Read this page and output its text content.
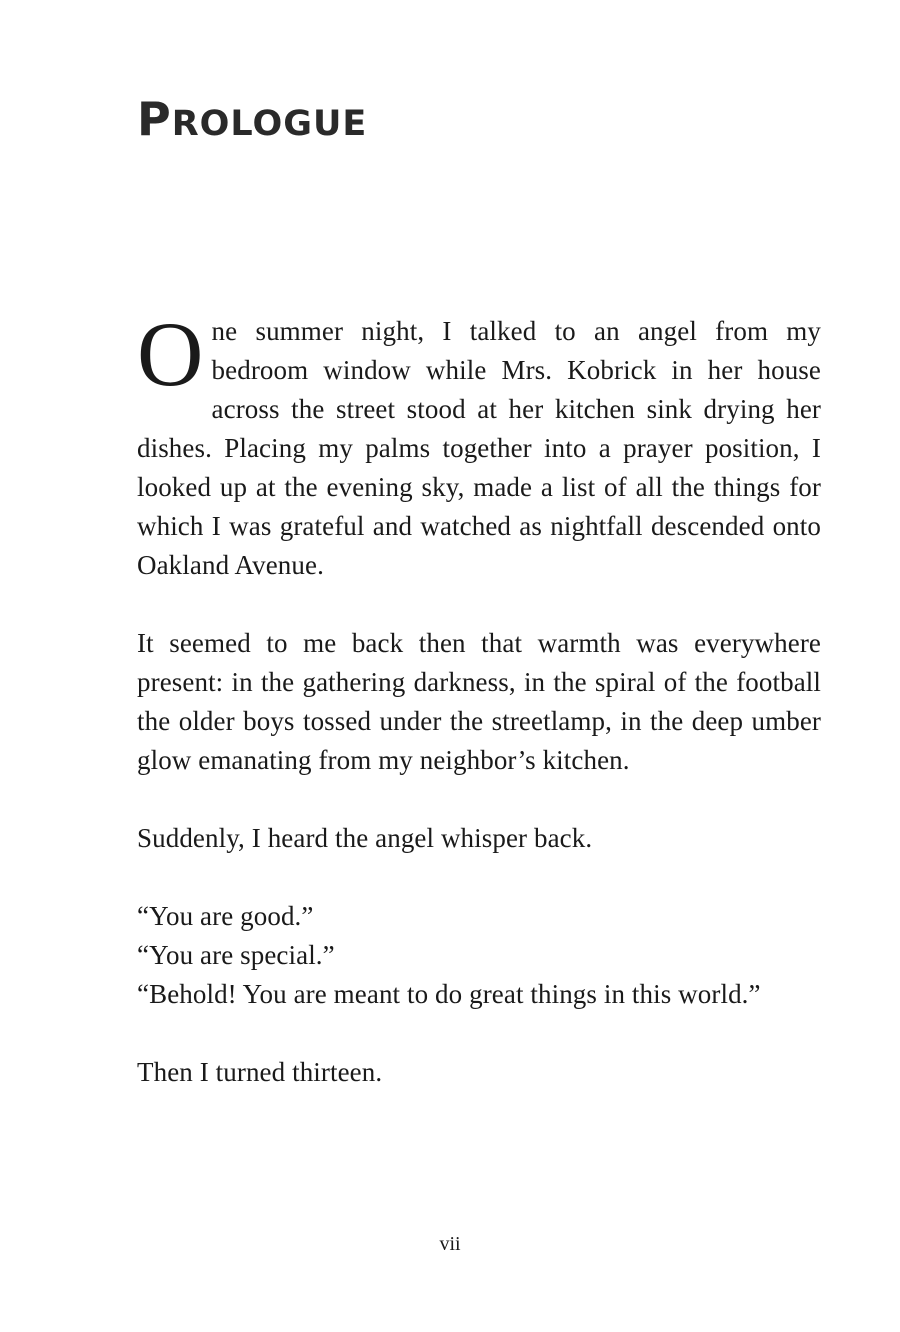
PROLOGUE

One summer night, I talked to an angel from my bedroom window while Mrs. Kobrick in her house across the street stood at her kitchen sink drying her dishes. Placing my palms together into a prayer position, I looked up at the evening sky, made a list of all the things for which I was grateful and watched as nightfall descended onto Oakland Avenue.

It seemed to me back then that warmth was everywhere present: in the gathering darkness, in the spiral of the football the older boys tossed under the streetlamp, in the deep umber glow emanating from my neighbor’s kitchen.

Suddenly, I heard the angel whisper back.

“You are good.”

“You are special.”

“Behold! You are meant to do great things in this world.”

Then I turned thirteen.

vii
